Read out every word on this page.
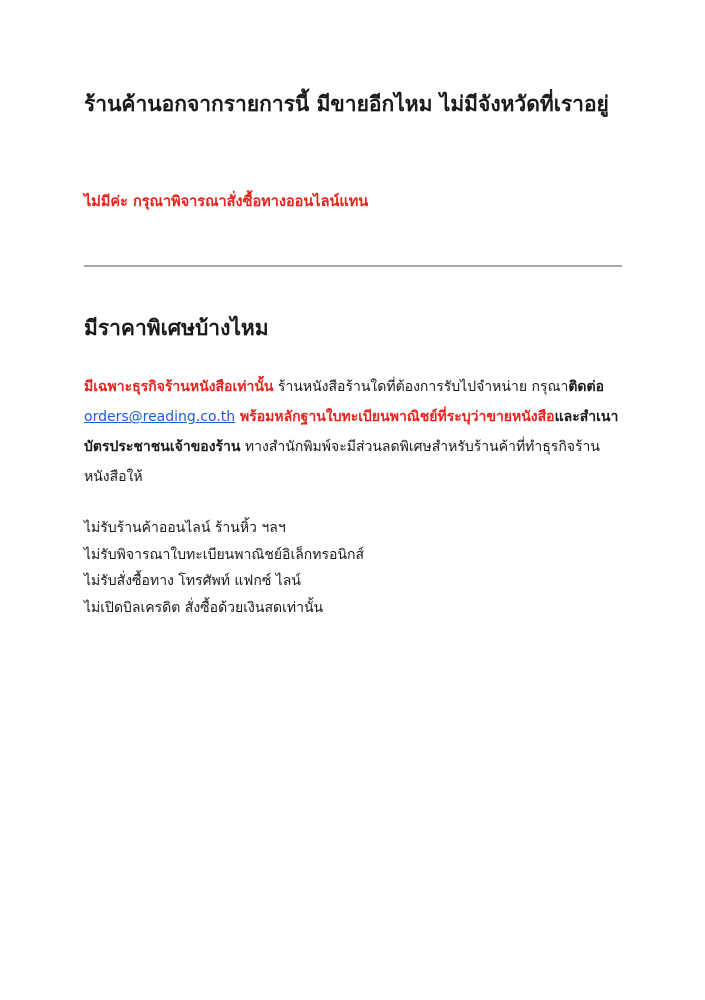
ร้านค้านอกจากรายการนี้ มีขายอีกไหม ไม่มีจังหวัดที่เราอยู่
ไม่มีค่ะ กรุณาพิจารณาสั่งซื้อทางออนไลน์แทน
มีราคาพิเศษบ้างไหม

มีเฉพาะธุรกิจร้านหนังสือเท่านั้น ร้านหนังสือร้านใดที่ต้องการรับไปจำหน่าย กรุณาติดต่อ orders@reading.co.th พร้อมหลักฐานใบทะเบียนพาณิชย์ที่ระบุว่าขายหนังสือและสำเนาบัตรประชาชนเจ้าของร้าน ทางสำนักพิมพ์จะมีส่วนลดพิเศษสำหรับร้านค้าที่ทำธุรกิจร้านหนังสือให้

ไม่รับร้านค้าออนไลน์ ร้านหิ้ว ฯลฯ
ไม่รับพิจารณาใบทะเบียนพาณิชย์อิเล็กทรอนิกส์
ไม่รับสั่งซื้อทาง โทรศัพท์ แฟกซ์ ไลน์
ไม่เปิดบิลเครดิต สั่งซื้อด้วยเงินสดเท่านั้น
